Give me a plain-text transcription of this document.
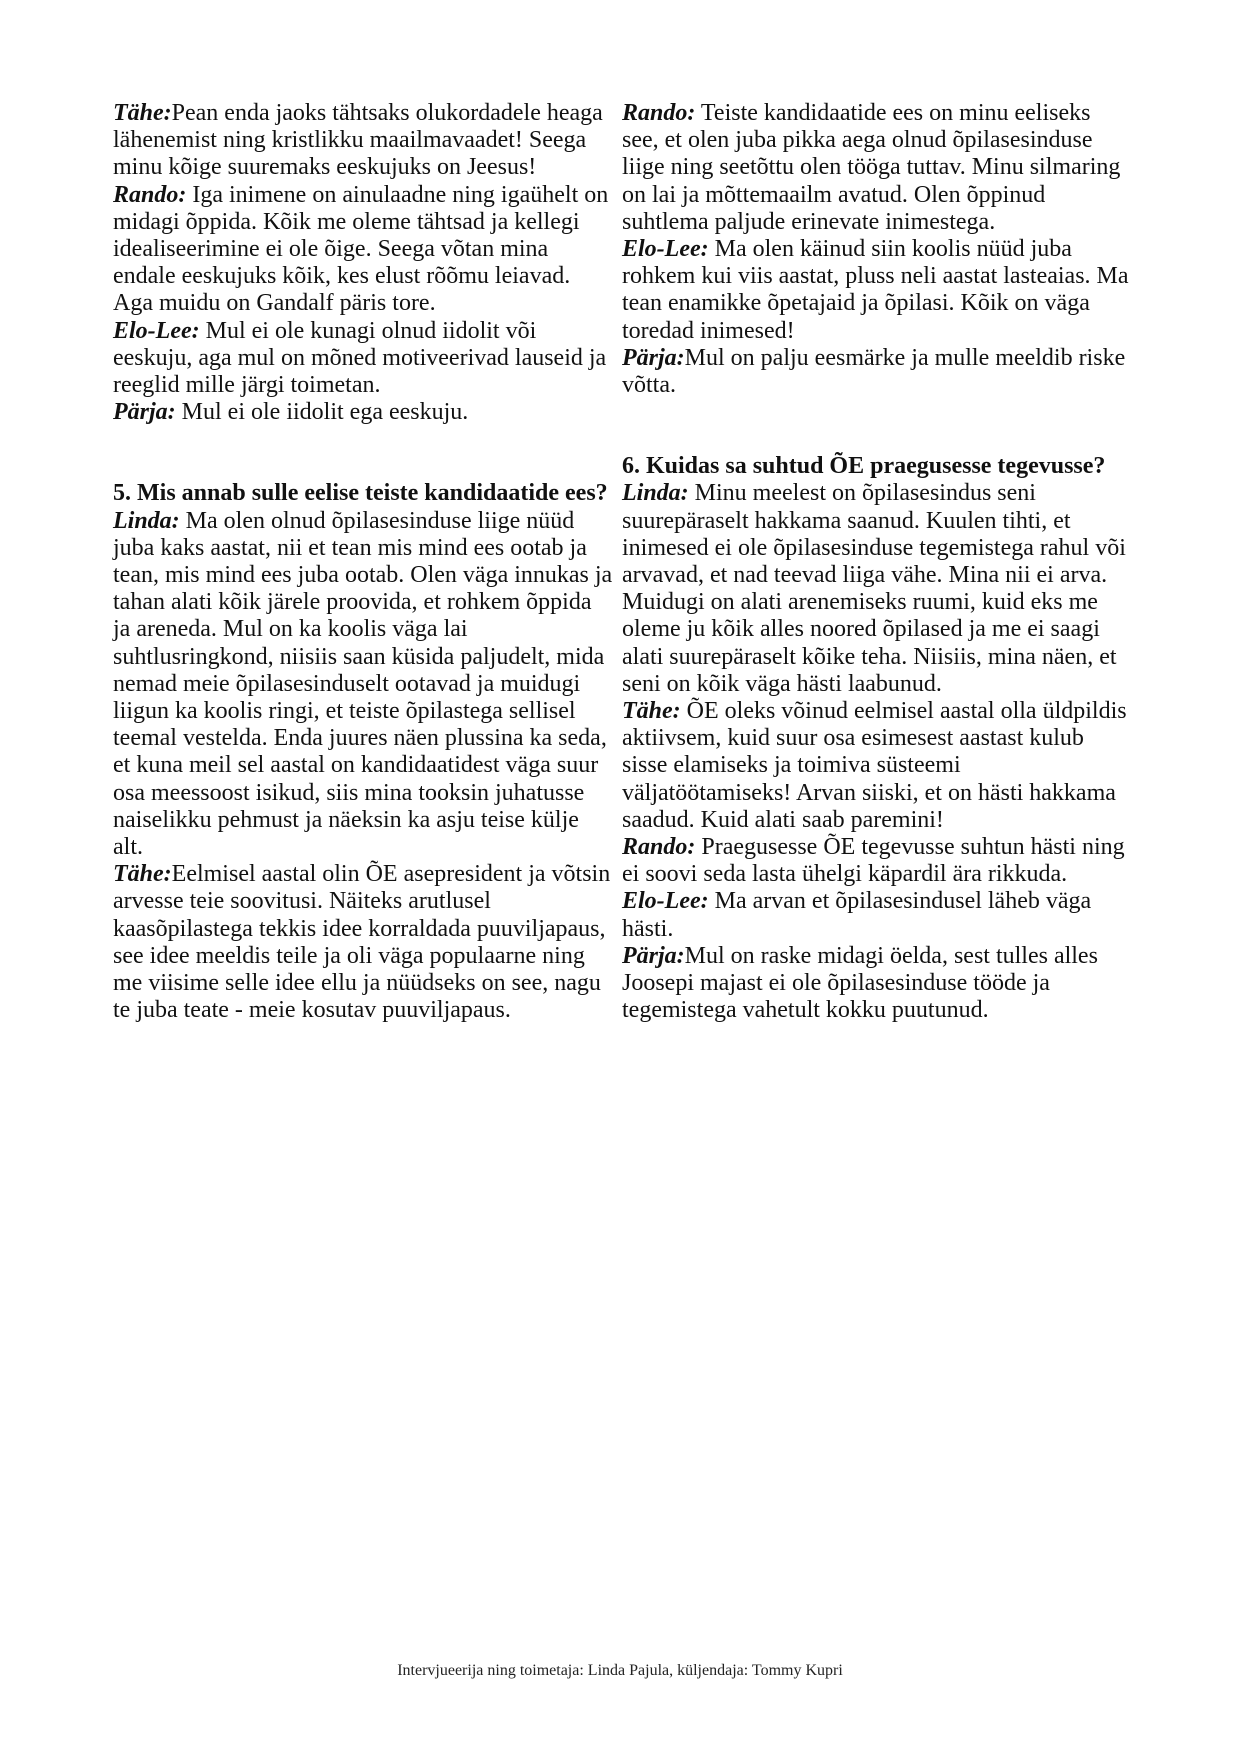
Tähe:Pean enda jaoks tähtsaks olukordadele heaga lähenemist ning kristlikku maailmavaadet! Seega minu kõige suuremaks eeskujuks on Jeesus!

Rando: Iga inimene on ainulaadne ning igaühelt on midagi õppida. Kõik me oleme tähtsad ja kellegi idealiseerimine ei ole õige. Seega võtan mina endale eeskujuks kõik, kes elust rõõmu leiavad. Aga muidu on Gandalf päris tore.

Elo-Lee: Mul ei ole kunagi olnud iidolit või eeskuju, aga mul on mõned motiveerivad lauseid ja reeglid mille järgi toimetan.

Pärja: Mul ei ole iidolit ega eeskuju.

5. Mis annab sulle eelise teiste kandidaatide ees?

Linda: Ma olen olnud õpilasesinduse liige nüüd juba kaks aastat, nii et tean mis mind ees ootab ja tean, mis mind ees juba ootab. Olen väga innukas ja tahan alati kõik järele proovida, et rohkem õppida ja areneda. Mul on ka koolis väga lai suhtlusringkond, niisiis saan küsida paljudelt, mida nemad meie õpilasesinduselt ootavad ja muidugi liigun ka koolis ringi, et teiste õpilastega sellisel teemal vestelda. Enda juures näen plussina ka seda, et kuna meil sel aastal on kandidaatidest väga suur osa meessoost isikud, siis mina tooksin juhatusse naiselikku pehmust ja näeksin ka asju teise külje alt.

Tähe:Eelmisel aastal olin ÕE asepresident ja võtsin arvesse teie soovitusi. Näiteks arutlusel kaasõpilastega tekkis idee korraldada puuviljapaus, see idee meeldis teile ja oli väga populaarne ning me viisime selle idee ellu ja nüüdseks on see, nagu te juba teate - meie kosutav puuviljapaus.

Rando: Teiste kandidaatide ees on minu eeliseks see, et olen juba pikka aega olnud õpilasesinduse liige ning seetõttu olen tööga tuttav. Minu silmaring on lai ja mõttemaailm avatud. Olen õppinud suhtlema paljude erinevate inimestega.

Elo-Lee: Ma olen käinud siin koolis nüüd juba rohkem kui viis aastat, pluss neli aastat lasteaias. Ma tean enamikke õpetajaid ja õpilasi. Kõik on väga toredad inimesed!

Pärja:Mul on palju eesmärke ja mulle meeldib riske võtta.

6. Kuidas sa suhtud ÕE praegusesse tegevusse?

Linda: Minu meelest on õpilasesindus seni suurepäraselt hakkama saanud. Kuulen tihti, et inimesed ei ole õpilasesinduse tegemistega rahul või arvavad, et nad teevad liiga vähe. Mina nii ei arva. Muidugi on alati arenemiseks ruumi, kuid eks me oleme ju kõik alles noored õpilased ja me ei saagi alati suurepäraselt kõike teha. Niisiis, mina näen, et seni on kõik väga hästi laabunud.

Tähe: ÕE oleks võinud eelmisel aastal olla üldpildis aktiivsem, kuid suur osa esimesest aastast kulub sisse elamiseks ja toimiva süsteemi väljatöötamiseks! Arvan siiski, et on hästi hakkama saadud. Kuid alati saab paremini!

Rando: Praegusesse ÕE tegevusse suhtun hästi ning ei soovi seda lasta ühelgi käpardil ära rikkuda.

Elo-Lee: Ma arvan et õpilasesindusel läheb väga hästi.

Pärja:Mul on raske midagi öelda, sest tulles alles Joosepi majast ei ole õpilasesinduse tööde ja tegemistega vahetult kokku puutunud.

Intervjueerija ning toimetaja: Linda Pajula, küljendaja: Tommy Kupri
